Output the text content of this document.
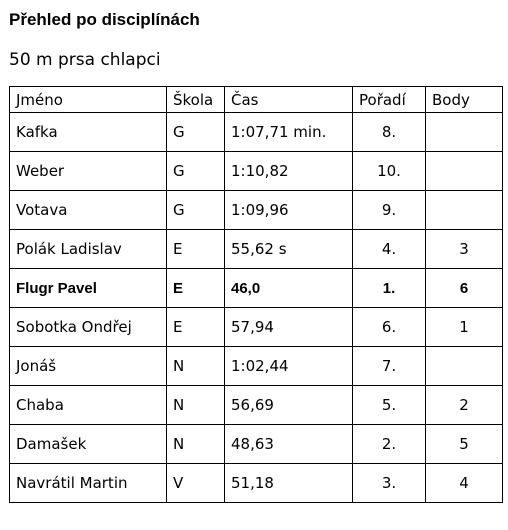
Přehled po disciplínách
50 m prsa chlapci
Jméno	Škola	Čas	Pořadí	Body
Kafka	G	1:07,71 min.	8.	
Weber	G	1:10,82	10.	
Votava	G	1:09,96	9.	
Polák Ladislav	E	55,62 s	4.	3
Flugr Pavel	E	46,0	1.	6
Sobotka Ondřej	E	57,94	6.	1
Jonáš	N	1:02,44	7.	
Chaba	N	56,69	5.	2
Damašek	N	48,63	2.	5
Navrátil Martin	V	51,18	3.	4
